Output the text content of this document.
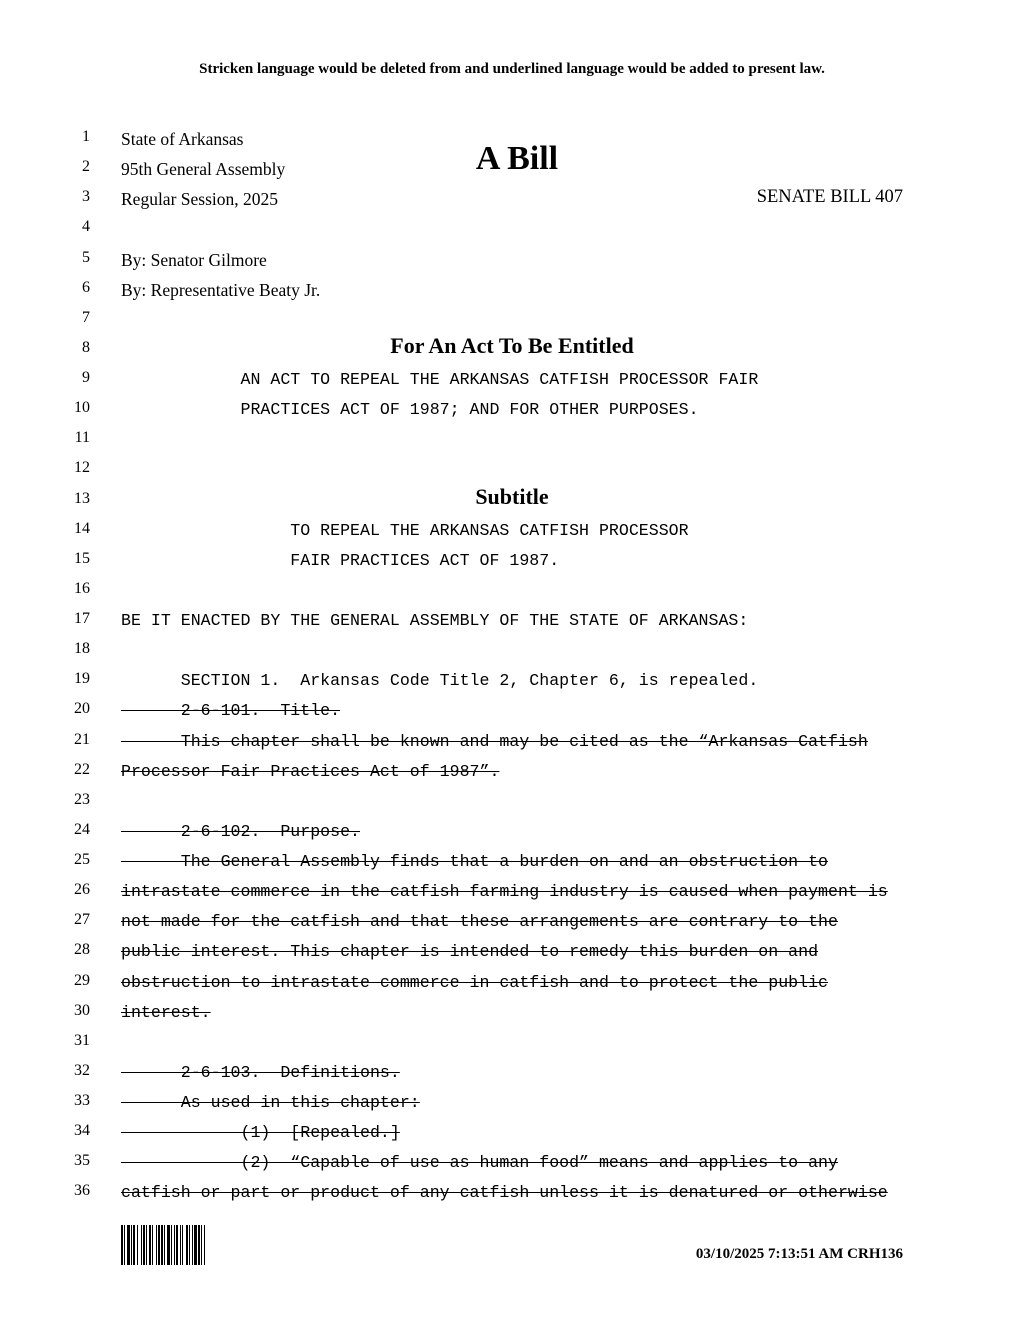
Stricken language would be deleted from and underlined language would be added to present law.
A Bill
1 State of Arkansas
2 95th General Assembly
3 Regular Session, 2025	SENATE BILL 407
4
5 By: Senator Gilmore
6 By: Representative Beaty Jr.
7
8	For An Act To Be Entitled
9 AN ACT TO REPEAL THE ARKANSAS CATFISH PROCESSOR FAIR
10 PRACTICES ACT OF 1987; AND FOR OTHER PURPOSES.
11
12
13	Subtitle
14 TO REPEAL THE ARKANSAS CATFISH PROCESSOR
15 FAIR PRACTICES ACT OF 1987.
16
17 BE IT ENACTED BY THE GENERAL ASSEMBLY OF THE STATE OF ARKANSAS:
18
19 SECTION 1.  Arkansas Code Title 2, Chapter 6, is repealed.
20 2-6-101.  Title.
21 This chapter shall be known and may be cited as the “Arkansas Catfish
22 Processor Fair Practices Act of 1987”.
23
24 2-6-102.  Purpose.
25 The General Assembly finds that a burden on and an obstruction to
26 intrastate commerce in the catfish farming industry is caused when payment is
27 not made for the catfish and that these arrangements are contrary to the
28 public interest. This chapter is intended to remedy this burden on and
29 obstruction to intrastate commerce in catfish and to protect the public
30 interest.
31
32 2-6-103.  Definitions.
33 As used in this chapter:
34 (1)  [Repealed.]
35 (2)  “Capable of use as human food” means and applies to any
36 catfish or part or product of any catfish unless it is denatured or otherwise
03/10/2025 7:13:51 AM CRH136
